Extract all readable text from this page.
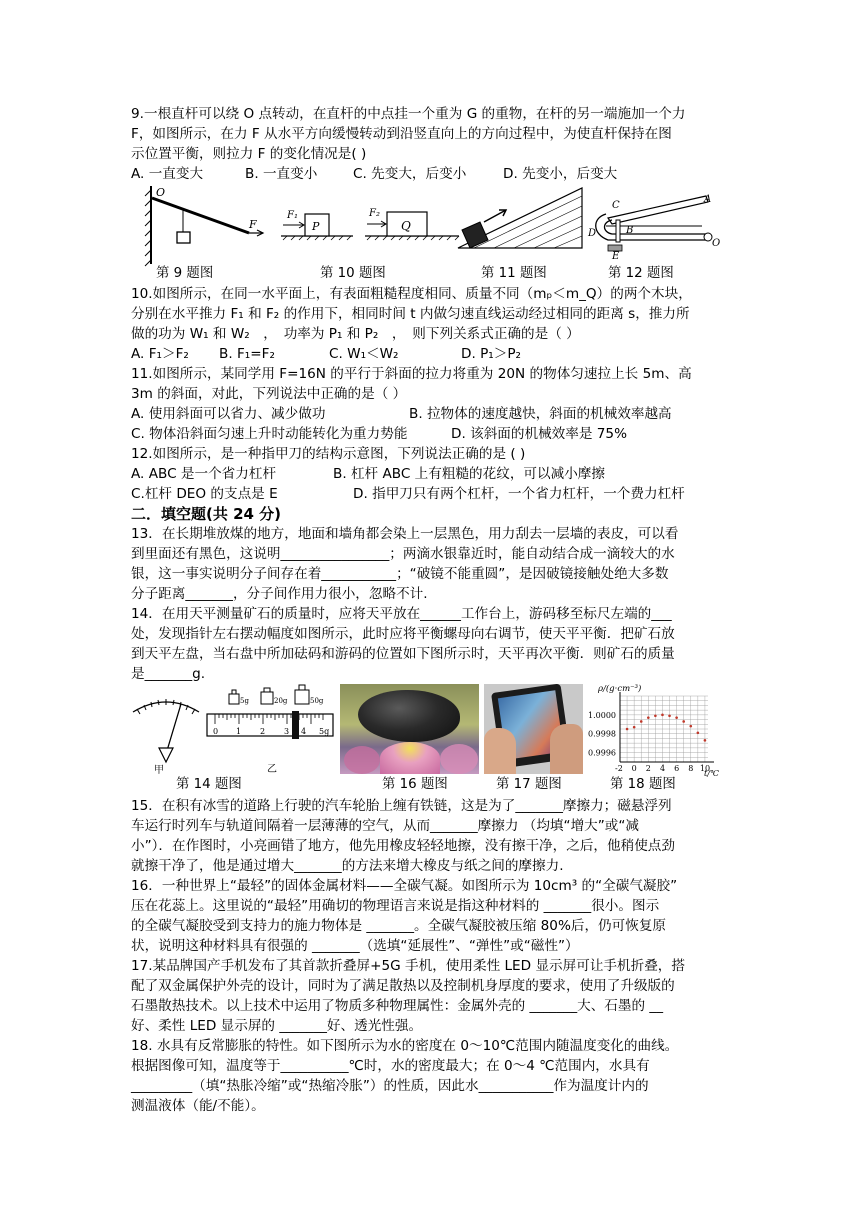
9.一根直杆可以绕 O 点转动，在直杆的中点挂一个重为 G 的重物，在杆的另一端施加一个力
F，如图所示，在力 F 从水平方向缓慢转动到沿竖直向上的方向过程中，为使直杆保持在图
示位置平衡，则拉力 F 的变化情况是( )
A. 一直变大	B. 一直变小	C. 先变大，后变小	D. 先变小，后变大
O
F
F₁
P
F₂
Q
C
A
B
D
E
O
第 9 题图	第 10 题图	第 11 题图	第 12 题图
10.如图所示，在同一水平面上，有表面粗糙程度相同、质量不同（mₚ＜m_Q）的两个木块，
分别在水平推力 F₁ 和 F₂ 的作用下，相同时间 t 内做匀速直线运动经过相同的距离 s，推力所
做的功为 W₁ 和 W₂　，　功率为 P₁ 和 P₂　，　则下列关系式正确的是（ ）
A. F₁＞F₂ B. F₁=F₂	C. W₁＜W₂	D. P₁＞P₂
11.如图所示，某同学用 F=16N 的平行于斜面的拉力将重为 20N 的物体匀速拉上长 5m、高
3m 的斜面，对此，下列说法中正确的是（ ）
A. 使用斜面可以省力、减少做功	B. 拉物体的速度越快，斜面的机械效率越高
C. 物体沿斜面匀速上升时动能转化为重力势能	D. 该斜面的机械效率是 75%
12.如图所示，是一种指甲刀的结构示意图，下列说法正确的是 ( )
A. ABC 是一个省力杠杆	B. 杠杆 ABC 上有粗糙的花纹，可以减小摩擦
C.杠杆 DEO 的支点是 E	D. 指甲刀只有两个杠杆，一个省力杠杆，一个费力杠杆
二．填空题(共 24 分)
13．在长期堆放煤的地方，地面和墙角都会染上一层黑色，用力刮去一层墙的表皮，可以看
到里面还有黑色，这说明________________；两滴水银靠近时，能自动结合成一滴较大的水
银，这一事实说明分子间存在着___________；“破镜不能重圆”，是因破镜接触处绝大多数
分子距离_______，分子间作用力很小，忽略不计.
14．在用天平测量矿石的质量时，应将天平放在______工作台上，游码移至标尺左端的___
处，发现指针左右摆动幅度如图所示，此时应将平衡螺母向右调节，使天平平衡．把矿石放
到天平左盘，当右盘中所加砝码和游码的位置如下图所示时，天平再次平衡．则矿石的质量
是_______g.
甲
5g	20g	50g
0 1 2 3 4 5g
乙	-2 0 2 4 6 8 10
0.9996
0.9998
1.0000
ρ/(g·cm⁻³)
t/℃
第 14 题图	第 16 题图	第 17 题图	第 18 题图
15．在积有冰雪的道路上行驶的汽车轮胎上缠有铁链，这是为了_______摩擦力；磁悬浮列
车运行时列车与轨道间隔着一层薄薄的空气，从而_______摩擦力 （均填“增大”或“减
小”）．在作图时，小亮画错了地方，他先用橡皮轻轻地擦，没有擦干净，之后，他稍使点劲
就擦干净了，他是通过增大_______的方法来增大橡皮与纸之间的摩擦力.
16．一种世界上“最轻”的固体金属材料——全碳气凝。如图所示为 10cm³ 的“全碳气凝胶”
压在花蕊上。这里说的“最轻”用确切的物理语言来说是指这种材料的 _______很小。图示
的全碳气凝胶受到支持力的施力物体是 _______。全碳气凝胶被压缩 80%后，仍可恢复原
状，说明这种材料具有很强的 _______（选填“延展性”、“弹性”或“磁性”）
17.某品牌国产手机发布了其首款折叠屏+5G 手机，使用柔性 LED 显示屏可让手机折叠，搭
配了双金属保护外壳的设计，同时为了满足散热以及控制机身厚度的要求，使用了升级版的
石墨散热技术。以上技术中运用了物质多种物理属性：金属外壳的 _______大、石墨的 __
好、柔性 LED 显示屏的 _______好、透光性强。
18. 水具有反常膨胀的特性。如下图所示为水的密度在 0～10℃范围内随温度变化的曲线。
根据图像可知，温度等于__________℃时，水的密度最大；在 0～4 ℃范围内，水具有
_________（填“热胀冷缩”或“热缩冷胀”）的性质，因此水___________作为温度计内的
测温液体（能/不能）。
